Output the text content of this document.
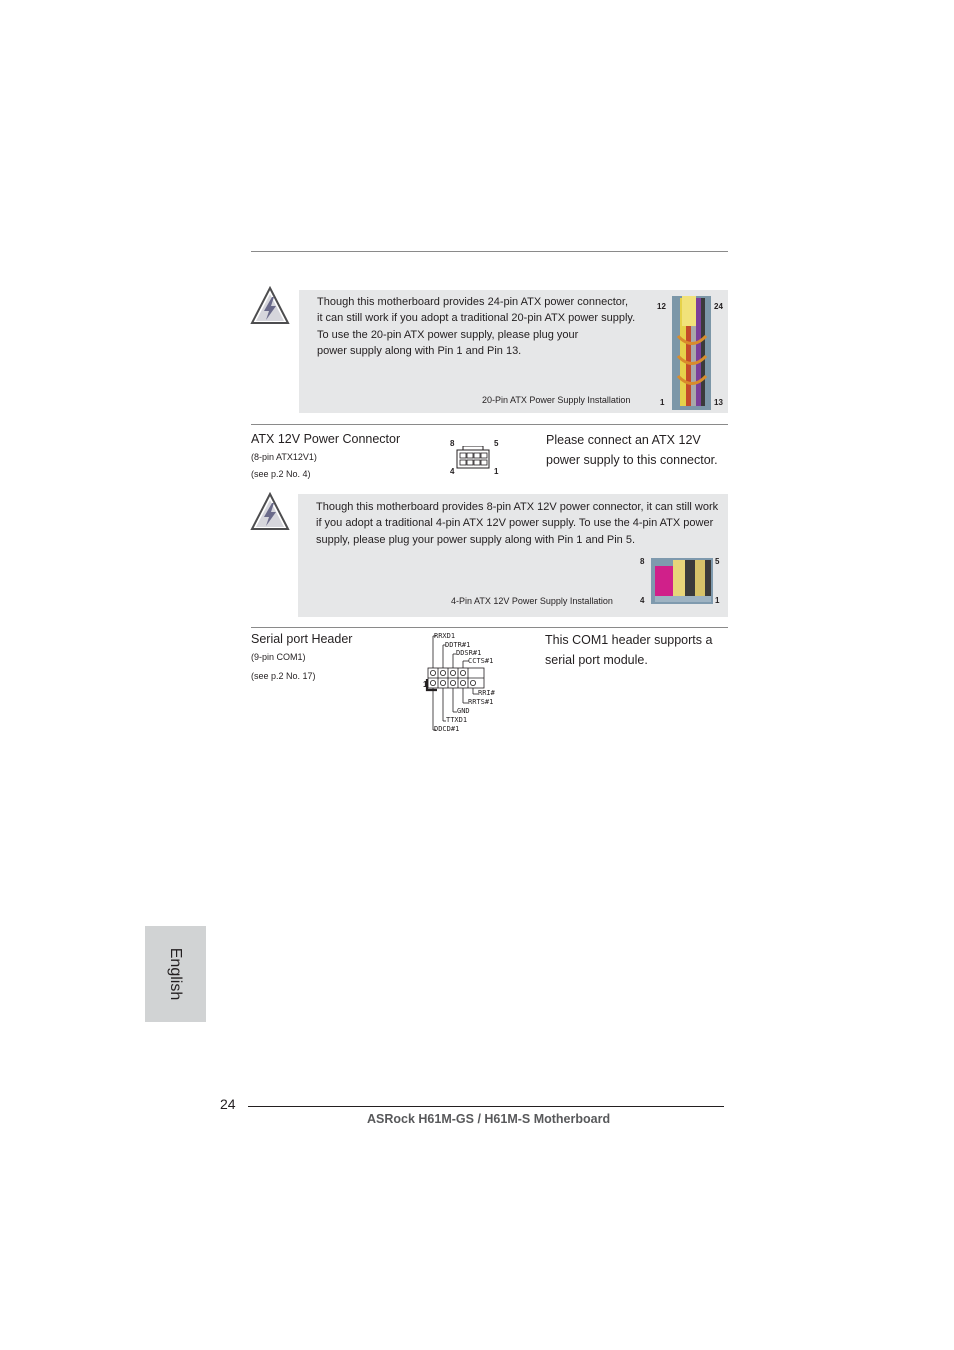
Though this motherboard provides 24-pin ATX power connector,
it can still work if you adopt a traditional 20-pin ATX power supply.
To use the 20-pin ATX power supply, please plug your
power supply along with Pin 1 and Pin 13.
20-Pin ATX Power Supply Installation
12	24
1	13
ATX 12V Power Connector
(8-pin ATX12V1)
(see p.2 No. 4)
8	5
4	1
Please connect an ATX 12V
power supply to this connector.
Though this motherboard provides 8-pin ATX 12V power connector, it can still work
if you adopt a traditional 4-pin ATX 12V power supply. To use the 4-pin ATX power
supply, please plug your power supply along with Pin 1 and Pin 5.
4-Pin ATX 12V Power Supply Installation
8	5
4	1
Serial port Header
(9-pin COM1)
(see p.2 No. 17)
This COM1 header supports a
serial port module.
1
RRXD1
DDTR#1
DDSR#1
CCTS#1
RRI#
RRTS#1
GND
TTXD1
DDCD#1
English
24
ASRock H61M-GS / H61M-S Motherboard
